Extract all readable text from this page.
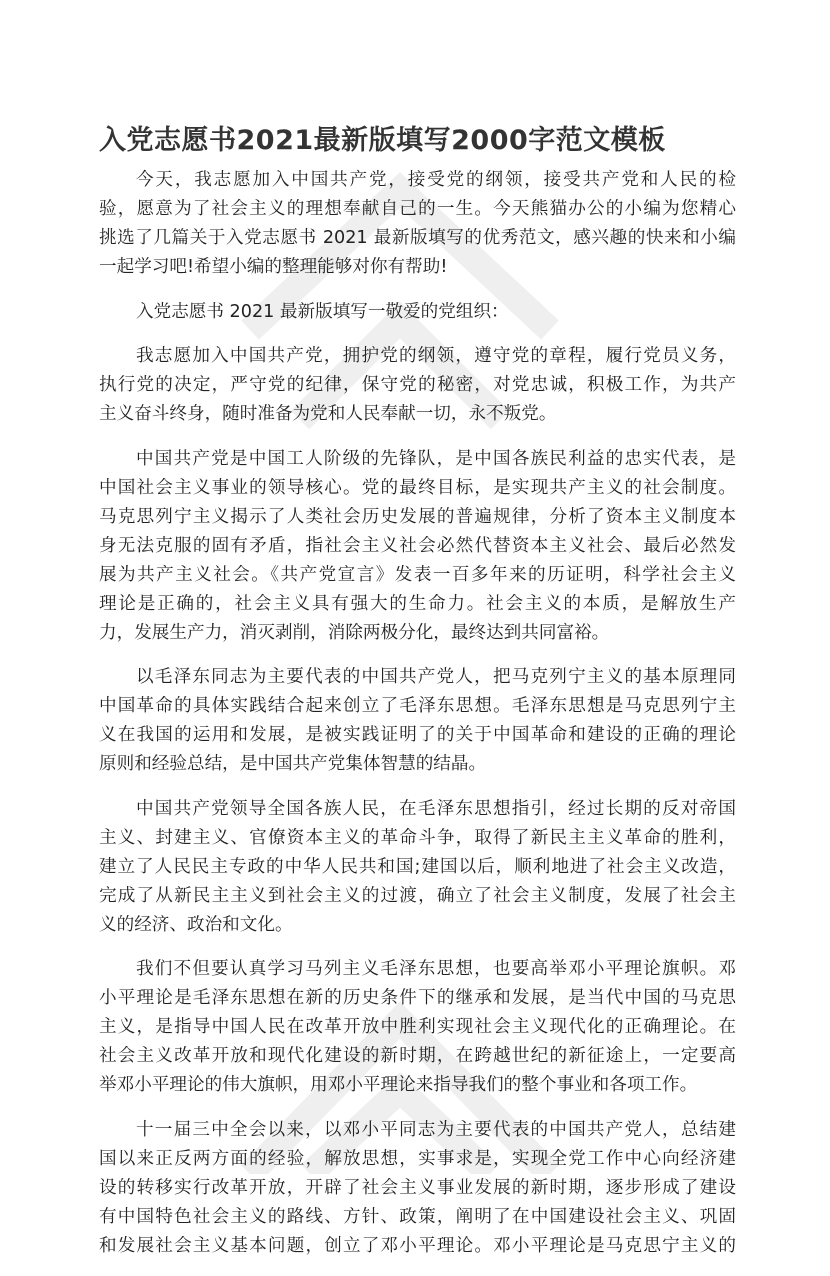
入党志愿书2021最新版填写2000字范文模板
今天，我志愿加入中国共产党，接受党的纲领，接受共产党和人民的检
验，愿意为了社会主义的理想奉献自己的一生。今天熊猫办公的小编为您精心
挑选了几篇关于入党志愿书 2021 最新版填写的优秀范文，感兴趣的快来和小编
一起学习吧!希望小编的整理能够对你有帮助!
入党志愿书 2021 最新版填写一敬爱的党组织：
我志愿加入中国共产党，拥护党的纲领，遵守党的章程，履行党员义务，
执行党的决定，严守党的纪律，保守党的秘密，对党忠诚，积极工作，为共产
主义奋斗终身，随时准备为党和人民奉献一切，永不叛党。
中国共产党是中国工人阶级的先锋队，是中国各族民利益的忠实代表，是
中国社会主义事业的领导核心。党的最终目标，是实现共产主义的社会制度。
马克思列宁主义揭示了人类社会历史发展的普遍规律，分析了资本主义制度本
身无法克服的固有矛盾，指社会主义社会必然代替资本主义社会、最后必然发
展为共产主义社会。《共产党宣言》发表一百多年来的历证明，科学社会主义
理论是正确的，社会主义具有强大的生命力。社会主义的本质，是解放生产
力，发展生产力，消灭剥削，消除两极分化，最终达到共同富裕。
以毛泽东同志为主要代表的中国共产党人，把马克列宁主义的基本原理同
中国革命的具体实践结合起来创立了毛泽东思想。毛泽东思想是马克思列宁主
义在我国的运用和发展，是被实践证明了的关于中国革命和建设的正确的理论
原则和经验总结，是中国共产党集体智慧的结晶。
中国共产党领导全国各族人民，在毛泽东思想指引，经过长期的反对帝国
主义、封建主义、官僚资本主义的革命斗争，取得了新民主主义革命的胜利，
建立了人民民主专政的中华人民共和国;建国以后，顺利地进了社会主义改造，
完成了从新民主主义到社会主义的过渡，确立了社会主义制度，发展了社会主
义的经济、政治和文化。
我们不但要认真学习马列主义毛泽东思想，也要高举邓小平理论旗帜。邓
小平理论是毛泽东思想在新的历史条件下的继承和发展，是当代中国的马克思
主义，是指导中国人民在改革开放中胜利实现社会主义现代化的正确理论。在
社会主义改革开放和现代化建设的新时期，在跨越世纪的新征途上，一定要高
举邓小平理论的伟大旗帜，用邓小平理论来指导我们的整个事业和各项工作。
十一届三中全会以来，以邓小平同志为主要代表的中国共产党人，总结建
国以来正反两方面的经验，解放思想，实事求是，实现全党工作中心向经济建
设的转移实行改革开放，开辟了社会主义事业发展的新时期，逐步形成了建设
有中国特色社会主义的路线、方针、政策，阐明了在中国建设社会主义、巩固
和发展社会主义基本问题，创立了邓小平理论。邓小平理论是马克思宁主义的
